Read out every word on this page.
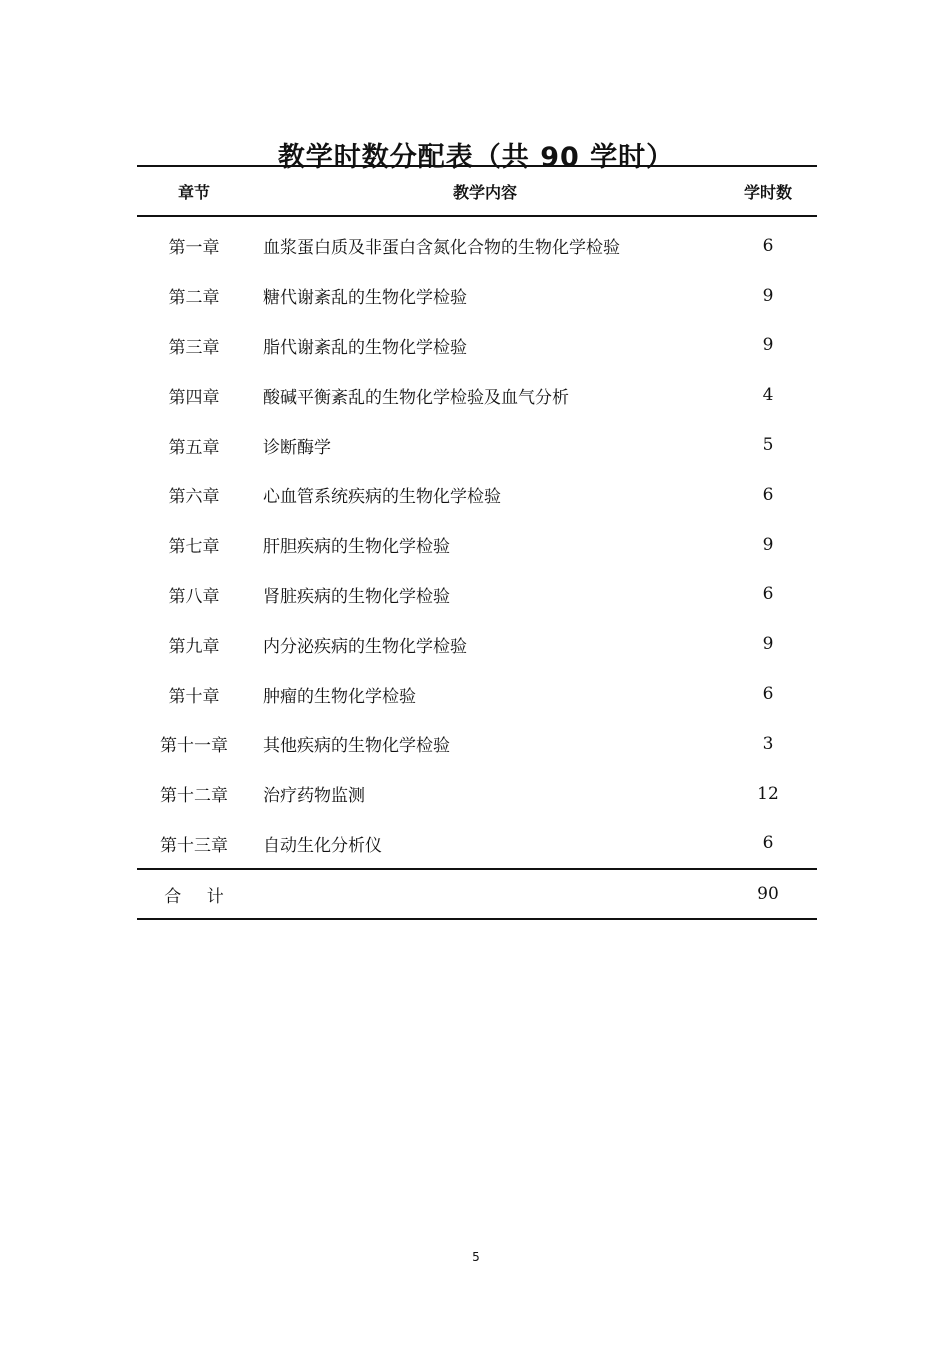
教学时数分配表（共 90 学时）
章节	教学内容	学时数
第一章	血浆蛋白质及非蛋白含氮化合物的生物化学检验	6
第二章	糖代谢紊乱的生物化学检验	9
第三章	脂代谢紊乱的生物化学检验	9
第四章	酸碱平衡紊乱的生物化学检验及血气分析	4
第五章	诊断酶学	5
第六章	心血管系统疾病的生物化学检验	6
第七章	肝胆疾病的生物化学检验	9
第八章	肾脏疾病的生物化学检验	6
第九章	内分泌疾病的生物化学检验	9
第十章	肿瘤的生物化学检验	6
第十一章	其他疾病的生物化学检验	3
第十二章	治疗药物监测	12
第十三章	自动生化分析仪	6
合 计		90
5
